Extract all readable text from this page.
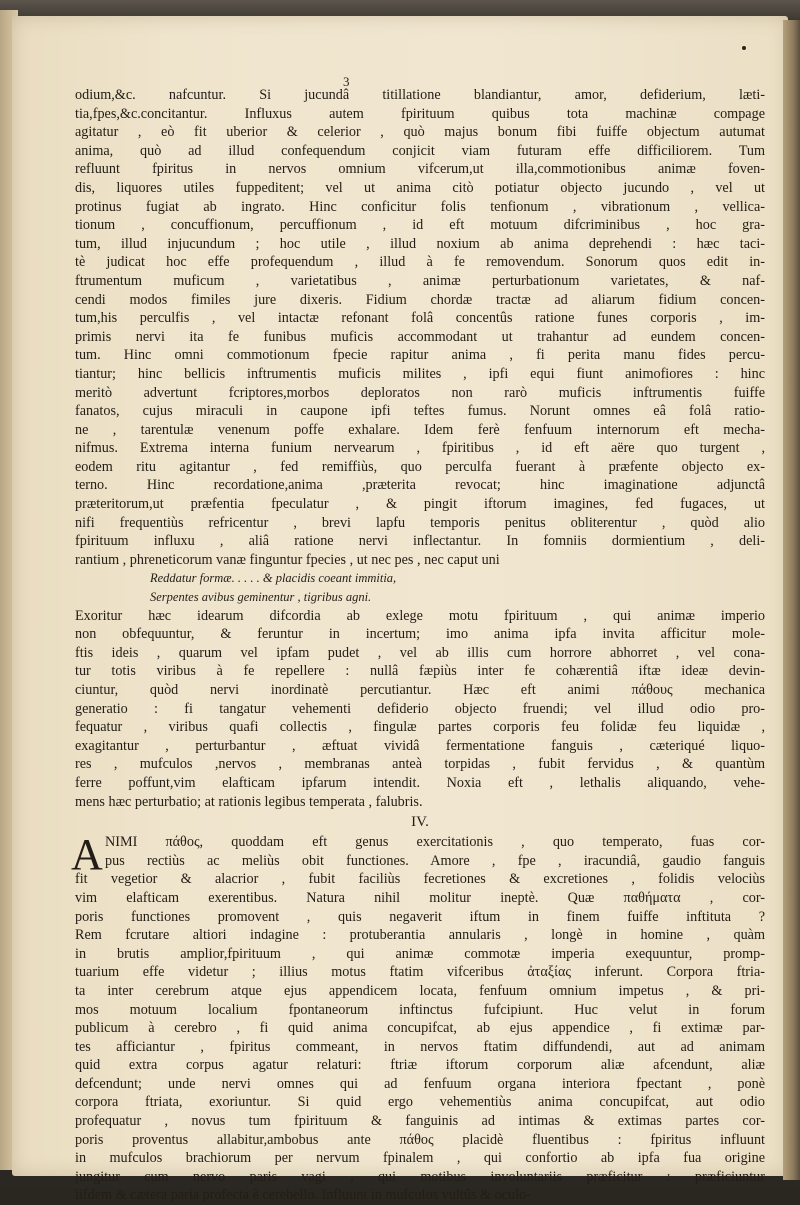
3
odium,&c. nafcuntur. Si jucundâ titillatione blandiantur, amor, defiderium, læti-
tia,fpes,&c.concitantur. Influxus autem fpirituum quibus tota machinæ compage
agitatur , eò fit uberior & celerior , quò majus bonum fibi fuiffe objectum autumat
anima, quò ad illud confequendum conjicit viam futuram effe difficiliorem. Tum
refluunt fpiritus in nervos omnium vifcerum,ut illa,commotionibus animæ foven-
dis, liquores utiles fuppeditent; vel ut anima citò potiatur objecto jucundo , vel ut
protinus fugiat ab ingrato. Hinc conficitur folis tenfionum , vibrationum , vellica-
tionum , concuffionum, percuffionum , id eft motuum difcriminibus , hoc gra-
tum, illud injucundum ; hoc utile , illud noxium ab anima deprehendi : hæc taci-
tè judicat hoc effe profequendum , illud à fe removendum. Sonorum quos edit in-
ftrumentum muficum , varietatibus , animæ perturbationum varietates, & naf-
cendi modos fimiles jure dixeris. Fidium chordæ tractæ ad aliarum fidium concen-
tum,his perculfis , vel intactæ refonant folâ concentûs ratione funes corporis , im-
primis nervi ita fe funibus muficis accommodant ut trahantur ad eundem concen-
tum. Hinc omni commotionum fpecie rapitur anima , fi perita manu fides percu-
tiantur; hinc bellicis inftrumentis muficis milites , ipfi equi fiunt animofiores : hinc
meritò advertunt fcriptores,morbos deploratos non rarò muficis inftrumentis fuiffe
fanatos, cujus miraculi in caupone ipfi teftes fumus. Norunt omnes eâ folâ ratio-
ne , tarentulæ venenum poffe exhalare. Idem ferè fenfuum internorum eft mecha-
nifmus. Extrema interna funium nervearum , fpiritibus , id eft aëre quo turgent ,
eodem ritu agitantur , fed remiffiùs, quo perculfa fuerant à præfente objecto ex-
terno. Hinc recordatione,anima ,præterita revocat; hinc imaginatione adjunctâ
præteritorum,ut præfentia fpeculatur , & pingit iftorum imagines, fed fugaces, ut
nifi frequentiùs refricentur , brevi lapfu temporis penitus obliterentur , quòd alio
fpirituum influxu , aliâ ratione nervi inflectantur. In fomniis dormientium , deli-
rantium , phreneticorum vanæ finguntur fpecies , ut nec pes , nec caput uni
Reddatur formæ. . . . . & placidis coeant immitia,
Serpentes avibus geminentur , tigribus agni.
Exoritur hæc idearum difcordia ab exlege motu fpirituum , qui animæ imperio
non obfequuntur, & feruntur in incertum; imo anima ipfa invita afficitur mole-
ftis ideis , quarum vel ipfam pudet , vel ab illis cum horrore abhorret , vel cona-
tur totis viribus à fe repellere : nullâ fæpiùs inter fe cohærentiâ iftæ ideæ devin-
ciuntur, quòd nervi inordinatè percutiantur. Hæc eft animi πάθους mechanica
generatio : fi tangatur vehementi defiderio objecto fruendi; vel illud odio pro-
fequatur , viribus quafi collectis , fingulæ partes corporis feu folidæ feu liquidæ ,
exagitantur , perturbantur , æftuat vividâ fermentatione fanguis , cæteriqué liquo-
res , mufculos ,nervos , membranas anteà torpidas , fubit fervidus , & quantùm
ferre poffunt,vim elafticam ipfarum intendit. Noxia eft , lethalis aliquando, vehe-
mens hæc perturbatio; at rationis legibus temperata , falubris.
IV.
A NIMI πάθος, quoddam eft genus exercitationis , quo temperato, fuas cor-
pus rectiùs ac meliùs obit functiones. Amore , fpe , iracundiâ, gaudio fanguis
fit vegetior & alacrior , fubit faciliùs fecretiones & excretiones , folidis velociùs
vim elafticam exerentibus. Natura nihil molitur ineptè. Quæ παθήματα , cor-
poris functiones promovent , quis negaverit iftum in finem fuiffe inftituta ?
Rem fcrutare altiori indagine : protuberantia annularis , longè in homine , quàm
in brutis amplior,fpirituum , qui animæ commotæ imperia exequuntur, promp-
tuarium effe videtur ; illius motus ftatim vifceribus ἀταξίας inferunt. Corpora ftria-
ta inter cerebrum atque ejus appendicem locata, fenfuum omnium impetus , & pri-
mos motuum localium fpontaneorum inftinctus fufcipiunt. Huc velut in forum
publicum à cerebro , fi quid anima concupifcat, ab ejus appendice , fi extimæ par-
tes afficiantur , fpiritus commeant, in nervos ftatim diffundendi, aut ad animam
quid extra corpus agatur relaturi: ftriæ iftorum corporum aliæ afcendunt, aliæ
defcendunt; unde nervi omnes qui ad fenfuum organa interiora fpectant , ponè
corpora ftriata, exoriuntur. Si quid ergo vehementiùs anima concupifcat, aut odio
profequatur , novus tum fpirituum & fanguinis ad intimas & extimas partes cor-
poris proventus allabitur,ambobus ante πάθος placidè fluentibus : fpiritus influunt
in mufculos brachiorum per nervum fpinalem , qui confortio ab ipfa fua origine
jungitur cum nervo paris vagi , qui motibus involuntariis præficitur : præficiuntur
iifdem & cætera paria profecta è cerebello. Influunt in mufculos vultûs & oculo-
